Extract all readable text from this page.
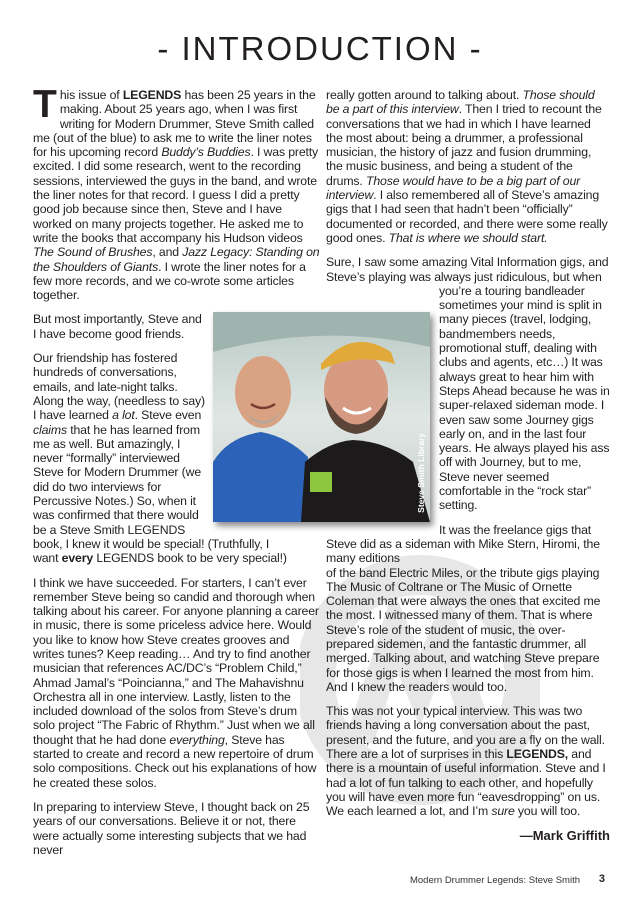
- INTRODUCTION -

T his issue of LEGENDS has been 25 years in the making. About 25 years ago, when I was first writing for Modern Drummer, Steve Smith called me (out of the blue) to ask me to write the liner notes for his upcoming record Buddy’s Buddies. I was pretty excited. I did some research, went to the recording sessions, interviewed the guys in the band, and wrote the liner notes for that record. I guess I did a pretty good job because since then, Steve and I have worked on many projects together. He asked me to write the books that accompany his Hudson videos The Sound of Brushes, and Jazz Legacy: Standing on the Shoulders of Giants. I wrote the liner notes for a few more records, and we co-wrote some articles together.

But most importantly, Steve and I have become good friends.

Our friendship has fostered hundreds of conversations, emails, and late-night talks. Along the way, (needless to say) I have learned a lot. Steve even claims that he has learned from me as well. But amazingly, I never “formally” interviewed Steve for Modern Drummer (we did do two interviews for Percussive Notes.) So, when it was confirmed that there would be a Steve Smith LEGENDS book, I knew it would be special! (Truthfully, I

want every LEGENDS book to be very special!)

I think we have succeeded. For starters, I can’t ever remember Steve being so candid and thorough when talking about his career. For anyone planning a career in music, there is some priceless advice here. Would you like to know how Steve creates grooves and writes tunes? Keep reading… And try to find another musician that references AC/DC’s “Problem Child,” Ahmad Jamal’s “Poincianna,” and The Mahavishnu Orchestra all in one interview. Lastly, listen to the included download of the solos from Steve’s drum solo project “The Fabric of Rhythm.” Just when we all thought that he had done everything, Steve has started to create and record a new repertoire of drum solo compositions. Check out his explanations of how he created these solos.

In preparing to interview Steve, I thought back on 25 years of our conversations. Believe it or not, there were actually some interesting subjects that we had never

really gotten around to talking about. Those should be a part of this interview. Then I tried to recount the conversations that we had in which I have learned the most about: being a drummer, a professional musician, the history of jazz and fusion drumming, the music business, and being a student of the drums. Those would have to be a big part of our interview. I also remembered all of Steve’s amazing gigs that I had seen that hadn’t been “officially” documented or recorded, and there were some really good ones. That is where we should start.

Sure, I saw some amazing Vital Information gigs, and Steve’s playing was always just ridiculous, but when

you’re a touring bandleader sometimes your mind is split in many pieces (travel, lodging, bandmembers needs, promotional stuff, dealing with clubs and agents, etc…) It was always great to hear him with Steps Ahead because he was in super-relaxed sideman mode. I even saw some Journey gigs early on, and in the last four years. He always played his ass off with Journey, but to me, Steve never seemed comfortable in the “rock star” setting.

It was the freelance gigs that Steve did as a sideman with Mike Stern, Hiromi, the many editions

of the band Electric Miles, or the tribute gigs playing The Music of Coltrane or The Music of Ornette Coleman that were always the ones that excited me the most. I witnessed many of them. That is where Steve’s role of the student of music, the over-prepared sidemen, and the fantastic drummer, all merged. Talking about, and watching Steve prepare for those gigs is when I learned the most from him. And I knew the readers would too.

This was not your typical interview. This was two friends having a long conversation about the past, present, and the future, and you are a fly on the wall. There are a lot of surprises in this LEGENDS, and there is a mountain of useful information. Steve and I had a lot of fun talking to each other, and hopefully you will have even more fun “eavesdropping” on us. We each learned a lot, and I’m sure you will too.

—Mark Griffith
Steve Smith Library
Modern Drummer Legends: Steve Smith 3
